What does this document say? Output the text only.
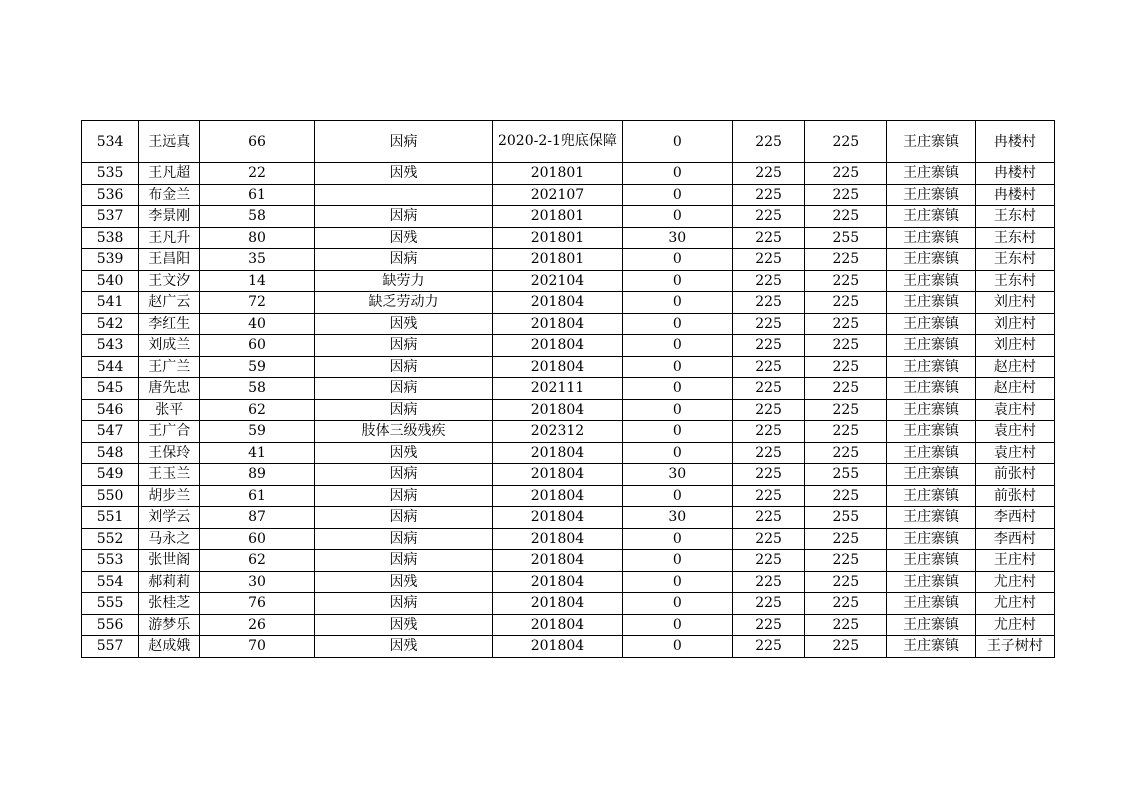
534	王远真	66	因病	2020-2-1兜底保障	0	225	225	王庄寨镇	冉楼村
535	王凡超	22	因残	201801	0	225	225	王庄寨镇	冉楼村
536	布金兰	61		202107	0	225	225	王庄寨镇	冉楼村
537	李景刚	58	因病	201801	0	225	225	王庄寨镇	王东村
538	王凡升	80	因残	201801	30	225	255	王庄寨镇	王东村
539	王昌阳	35	因病	201801	0	225	225	王庄寨镇	王东村
540	王文汐	14	缺劳力	202104	0	225	225	王庄寨镇	王东村
541	赵广云	72	缺乏劳动力	201804	0	225	225	王庄寨镇	刘庄村
542	李红生	40	因残	201804	0	225	225	王庄寨镇	刘庄村
543	刘成兰	60	因病	201804	0	225	225	王庄寨镇	刘庄村
544	王广兰	59	因病	201804	0	225	225	王庄寨镇	赵庄村
545	唐先忠	58	因病	202111	0	225	225	王庄寨镇	赵庄村
546	张平	62	因病	201804	0	225	225	王庄寨镇	袁庄村
547	王广合	59	肢体三级残疾	202312	0	225	225	王庄寨镇	袁庄村
548	王保玲	41	因残	201804	0	225	225	王庄寨镇	袁庄村
549	王玉兰	89	因病	201804	30	225	255	王庄寨镇	前张村
550	胡步兰	61	因病	201804	0	225	225	王庄寨镇	前张村
551	刘学云	87	因病	201804	30	225	255	王庄寨镇	李西村
552	马永之	60	因病	201804	0	225	225	王庄寨镇	李西村
553	张世阁	62	因病	201804	0	225	225	王庄寨镇	王庄村
554	郝莉莉	30	因残	201804	0	225	225	王庄寨镇	尤庄村
555	张桂芝	76	因病	201804	0	225	225	王庄寨镇	尤庄村
556	游梦乐	26	因残	201804	0	225	225	王庄寨镇	尤庄村
557	赵成娥	70	因残	201804	0	225	225	王庄寨镇	王子树村
